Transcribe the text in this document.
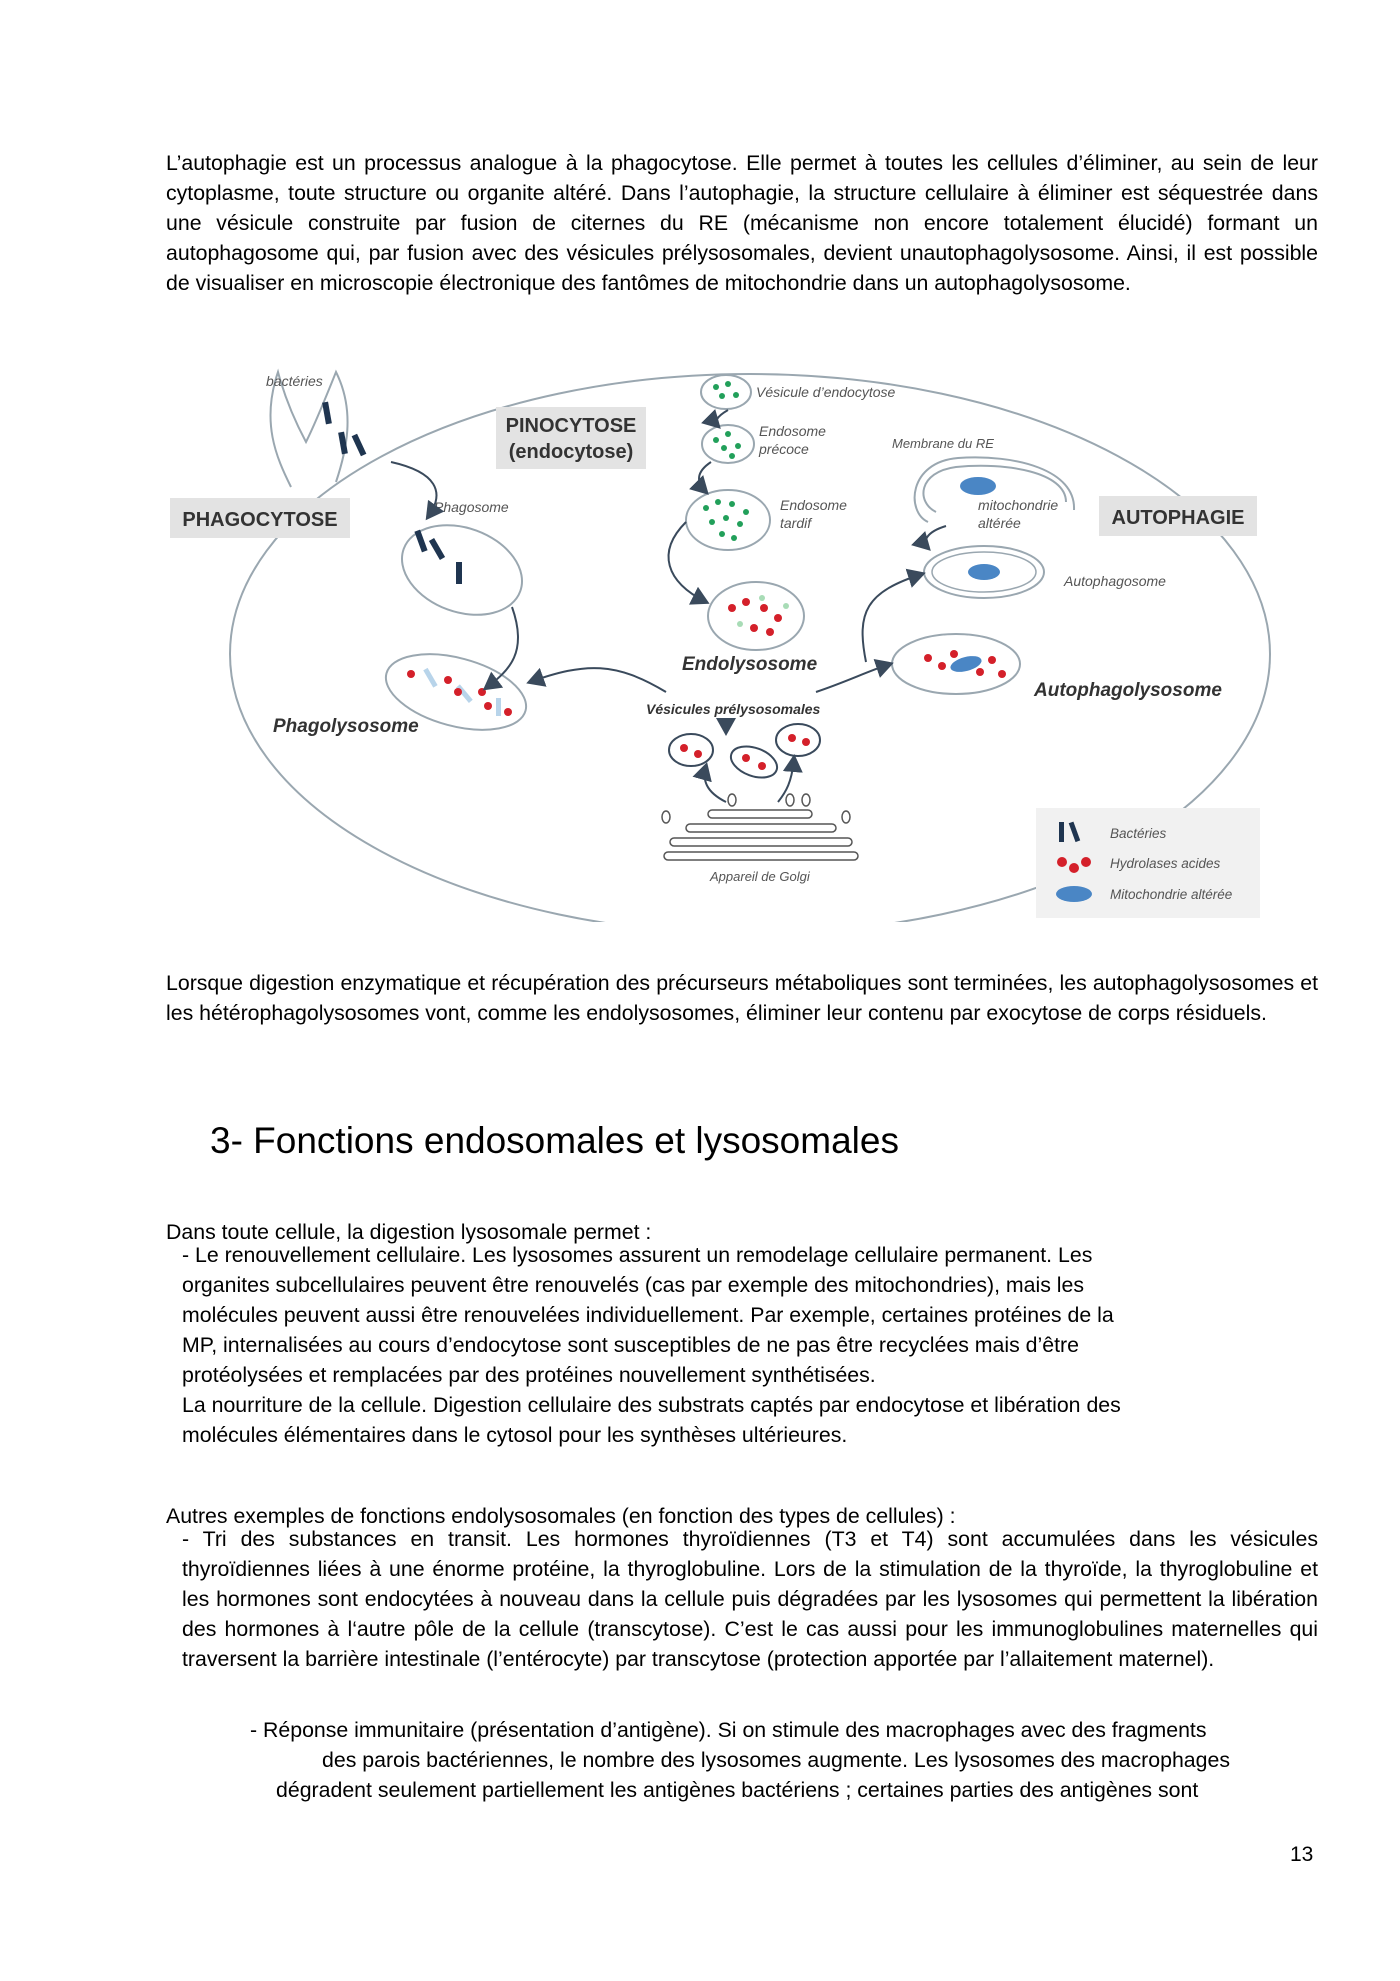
L’autophagie est un processus analogue à la phagocytose. Elle permet à toutes les cellules d’éliminer, au sein de leur cytoplasme, toute structure ou organite altéré. Dans l’autophagie, la structure cellulaire à éliminer est séquestrée dans une vésicule construite par fusion de citernes du RE (mécanisme non encore totalement élucidé) formant un autophagosome qui, par fusion avec des vésicules prélysosomales, devient unautophagolysosome. Ainsi, il est possible de visualiser en microscopie électronique des fantômes de mitochondrie dans un autophagolysosome.

bactéries
PHAGOCYTOSE
Phagosome
Phagolysosome
PINOCYTOSE
(endocytose)
Vésicule d’endocytose
Endosome
précoce
Endosome
tardif
Endolysosome
Vésicules prélysosomales
Appareil de Golgi
Membrane du RE
mitochondrie
altérée	AUTOPHAGIE
Autophagosome
Autophagolysosome
Bactéries
Hydrolases acides
Mitochondrie altérée

Lorsque digestion enzymatique et récupération des précurseurs métaboliques sont terminées, les autophagolysosomes et les hétérophagolysosomes vont, comme les endolysosomes, éliminer leur contenu par exocytose de corps résiduels.

3- Fonctions endosomales et lysosomales

Dans toute cellule, la digestion lysosomale permet :

- Le renouvellement cellulaire. Les lysosomes assurent un remodelage cellulaire permanent. Les

organites subcellulaires peuvent être renouvelés (cas par exemple des mitochondries), mais les

molécules peuvent aussi être renouvelées individuellement. Par exemple, certaines protéines de la

MP, internalisées au cours d’endocytose sont susceptibles de ne pas être recyclées mais d’être

protéolysées et remplacées par des protéines nouvellement synthétisées.

La nourriture de la cellule. Digestion cellulaire des substrats captés par endocytose et libération des

molécules élémentaires dans le cytosol pour les synthèses ultérieures.

Autres exemples de fonctions endolysosomales (en fonction des types de cellules) :

- Tri des substances en transit. Les hormones thyroïdiennes (T3 et T4) sont accumulées dans les vésicules thyroïdiennes liées à une énorme protéine, la thyroglobuline. Lors de la stimulation de la thyroïde, la thyroglobuline et les hormones sont endocytées à nouveau dans la cellule puis dégradées par les lysosomes qui permettent la libération des hormones à l‘autre pôle de la cellule (transcytose). C’est le cas aussi pour les immunoglobulines maternelles qui traversent la barrière intestinale (l’entérocyte) par transcytose (protection apportée par l’allaitement maternel).

- Réponse immunitaire (présentation d’antigène). Si on stimule des macrophages avec des fragments

des parois bactériennes, le nombre des lysosomes augmente. Les lysosomes des macrophages

dégradent seulement partiellement les antigènes bactériens ; certaines parties des antigènes sont

13
